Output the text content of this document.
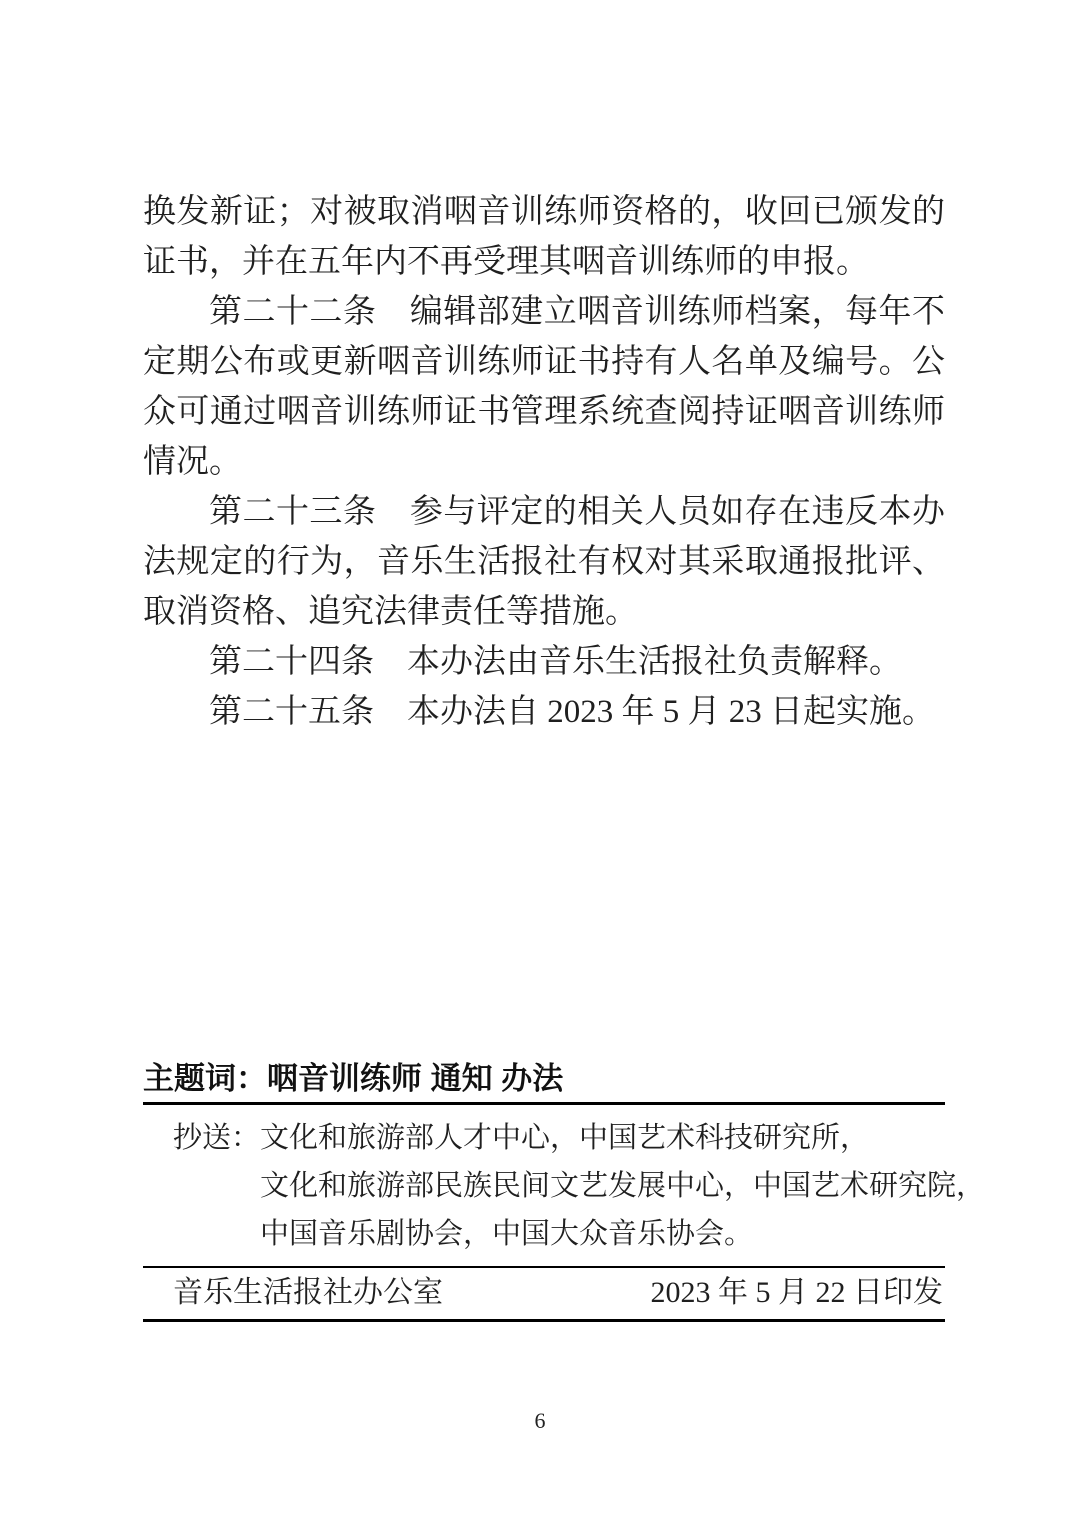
换发新证；对被取消咽音训练师资格的，收回已颁发的证书，并在五年内不再受理其咽音训练师的申报。

第二十二条　编辑部建立咽音训练师档案，每年不定期公布或更新咽音训练师证书持有人名单及编号。公众可通过咽音训练师证书管理系统查阅持证咽音训练师情况。

第二十三条　参与评定的相关人员如存在违反本办法规定的行为，音乐生活报社有权对其采取通报批评、取消资格、追究法律责任等措施。

第二十四条　本办法由音乐生活报社负责解释。

第二十五条　本办法自 2023 年 5 月 23 日起实施。

主题词：咽音训练师 通知 办法
抄送： 文化和旅游部人才中心，中国艺术科技研究所，
文化和旅游部民族民间文艺发展中心，中国艺术研究院，
中国音乐剧协会，中国大众音乐协会。
音乐生活报社办公室	2023 年 5 月 22 日印发
6
